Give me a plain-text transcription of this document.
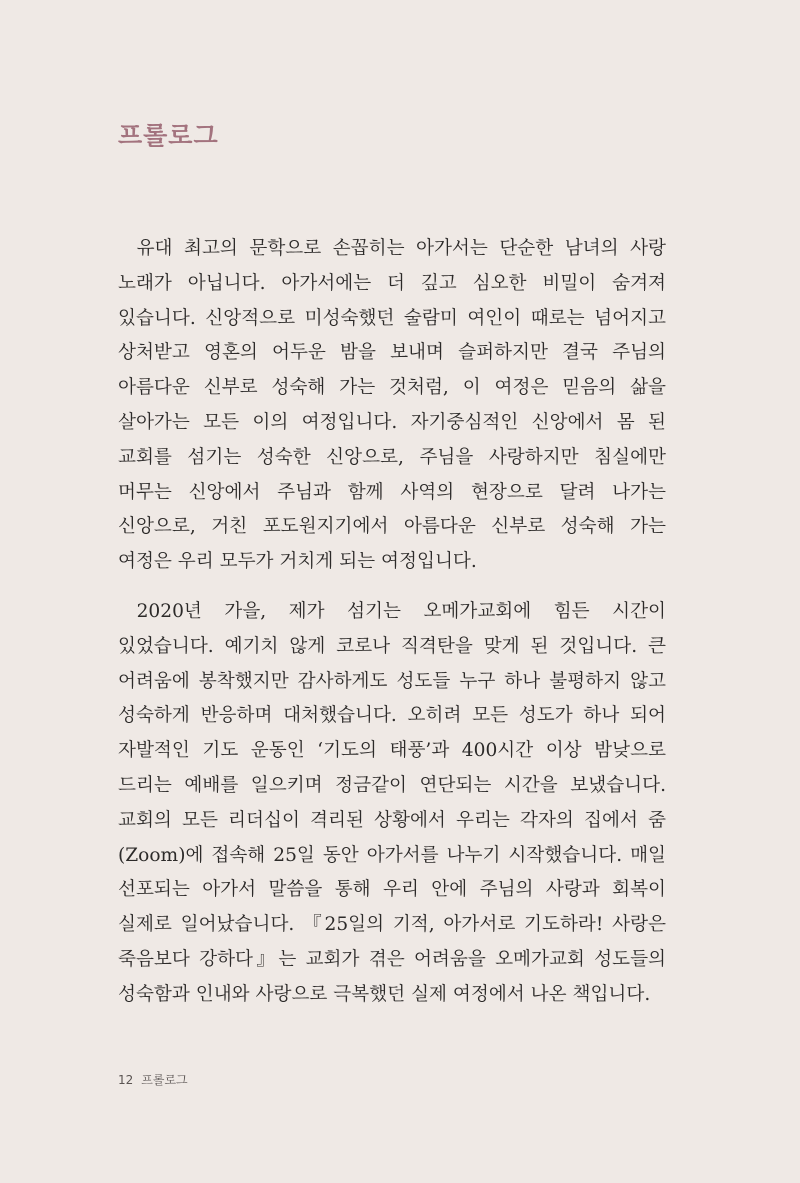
프롤로그

유대 최고의 문학으로 손꼽히는 아가서는 단순한 남녀의 사랑 노래가 아닙니다. 아가서에는 더 깊고 심오한 비밀이 숨겨져 있습니다. 신앙적으로 미성숙했던 술람미 여인이 때로는 넘어지고 상처받고 영혼의 어두운 밤을 보내며 슬퍼하지만 결국 주님의 아름다운 신부로 성숙해 가는 것처럼, 이 여정은 믿음의 삶을 살아가는 모든 이의 여정입니다. 자기중심적인 신앙에서 몸 된 교회를 섬기는 성숙한 신앙으로, 주님을 사랑하지만 침실에만 머무는 신앙에서 주님과 함께 사역의 현장으로 달려 나가는 신앙으로, 거친 포도원지기에서 아름다운 신부로 성숙해 가는 여정은 우리 모두가 거치게 되는 여정입니다.

2020년 가을, 제가 섬기는 오메가교회에 힘든 시간이 있었습니다. 예기치 않게 코로나 직격탄을 맞게 된 것입니다. 큰 어려움에 봉착했지만 감사하게도 성도들 누구 하나 불평하지 않고 성숙하게 반응하며 대처했습니다. 오히려 모든 성도가 하나 되어 자발적인 기도 운동인 ‘기도의 태풍’과 400시간 이상 밤낮으로 드리는 예배를 일으키며 정금같이 연단되는 시간을 보냈습니다. 교회의 모든 리더십이 격리된 상황에서 우리는 각자의 집에서 줌(Zoom)에 접속해 25일 동안 아가서를 나누기 시작했습니다. 매일 선포되는 아가서 말씀을 통해 우리 안에 주님의 사랑과 회복이 실제로 일어났습니다. 『25일의 기적, 아가서로 기도하라! 사랑은 죽음보다 강하다』는 교회가 겪은 어려움을 오메가교회 성도들의 성숙함과 인내와 사랑으로 극복했던 실제 여정에서 나온 책입니다.

12 프롤로그
